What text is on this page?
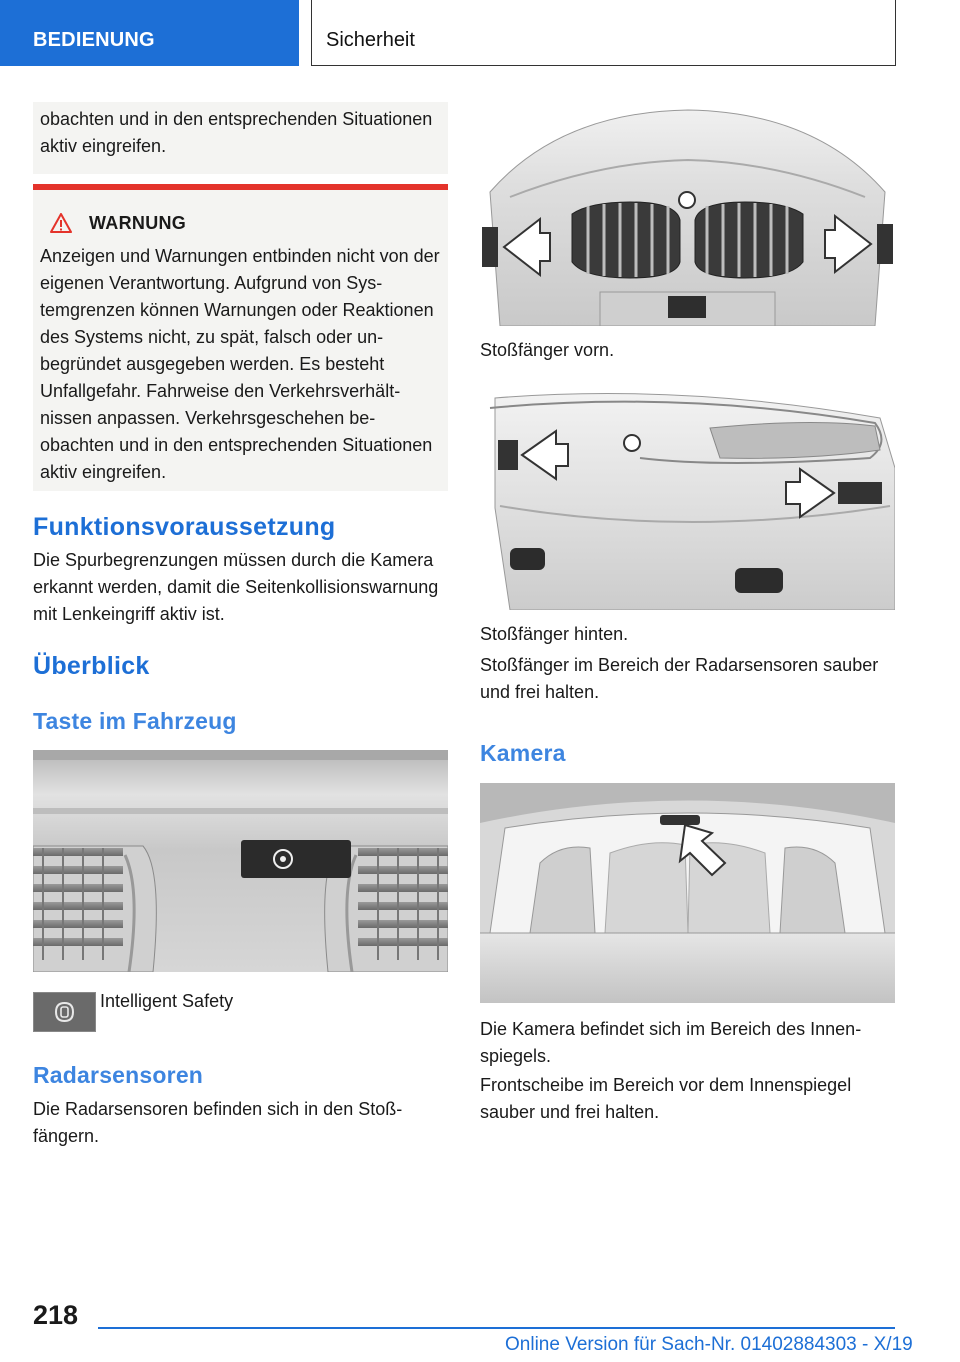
BEDIENUNG	Sicherheit
obachten und in den entsprechenden Situationen aktiv eingreifen.
WARNUNG
Anzeigen und Warnungen entbinden nicht von der eigenen Verantwortung. Aufgrund von Systemgrenzen können Warnungen oder Reaktionen des Systems nicht, zu spät, falsch oder unbegründet ausgegeben werden. Es besteht Unfallgefahr. Fahrweise den Verkehrsverhältnissen anpassen. Verkehrsgeschehen beobachten und in den entsprechenden Situationen aktiv eingreifen.
Funktionsvoraussetzung

Die Spurbegrenzungen müssen durch die Kamera erkannt werden, damit die Seitenkollisionswarnung mit Lenkeingriff aktiv ist.

Überblick
Taste im Fahrzeug
Intelligent Safety
Radarsensoren

Die Radarsensoren befinden sich in den Stoßfängern.

Stoßfänger vorn.
Stoßfänger hinten.

Stoßfänger im Bereich der Radarsensoren sauber und frei halten.

Kamera

Die Kamera befindet sich im Bereich des Innenspiegels.

Frontscheibe im Bereich vor dem Innenspiegel sauber und frei halten.

218
Online Version für Sach-Nr. 01402884303 - X/19
